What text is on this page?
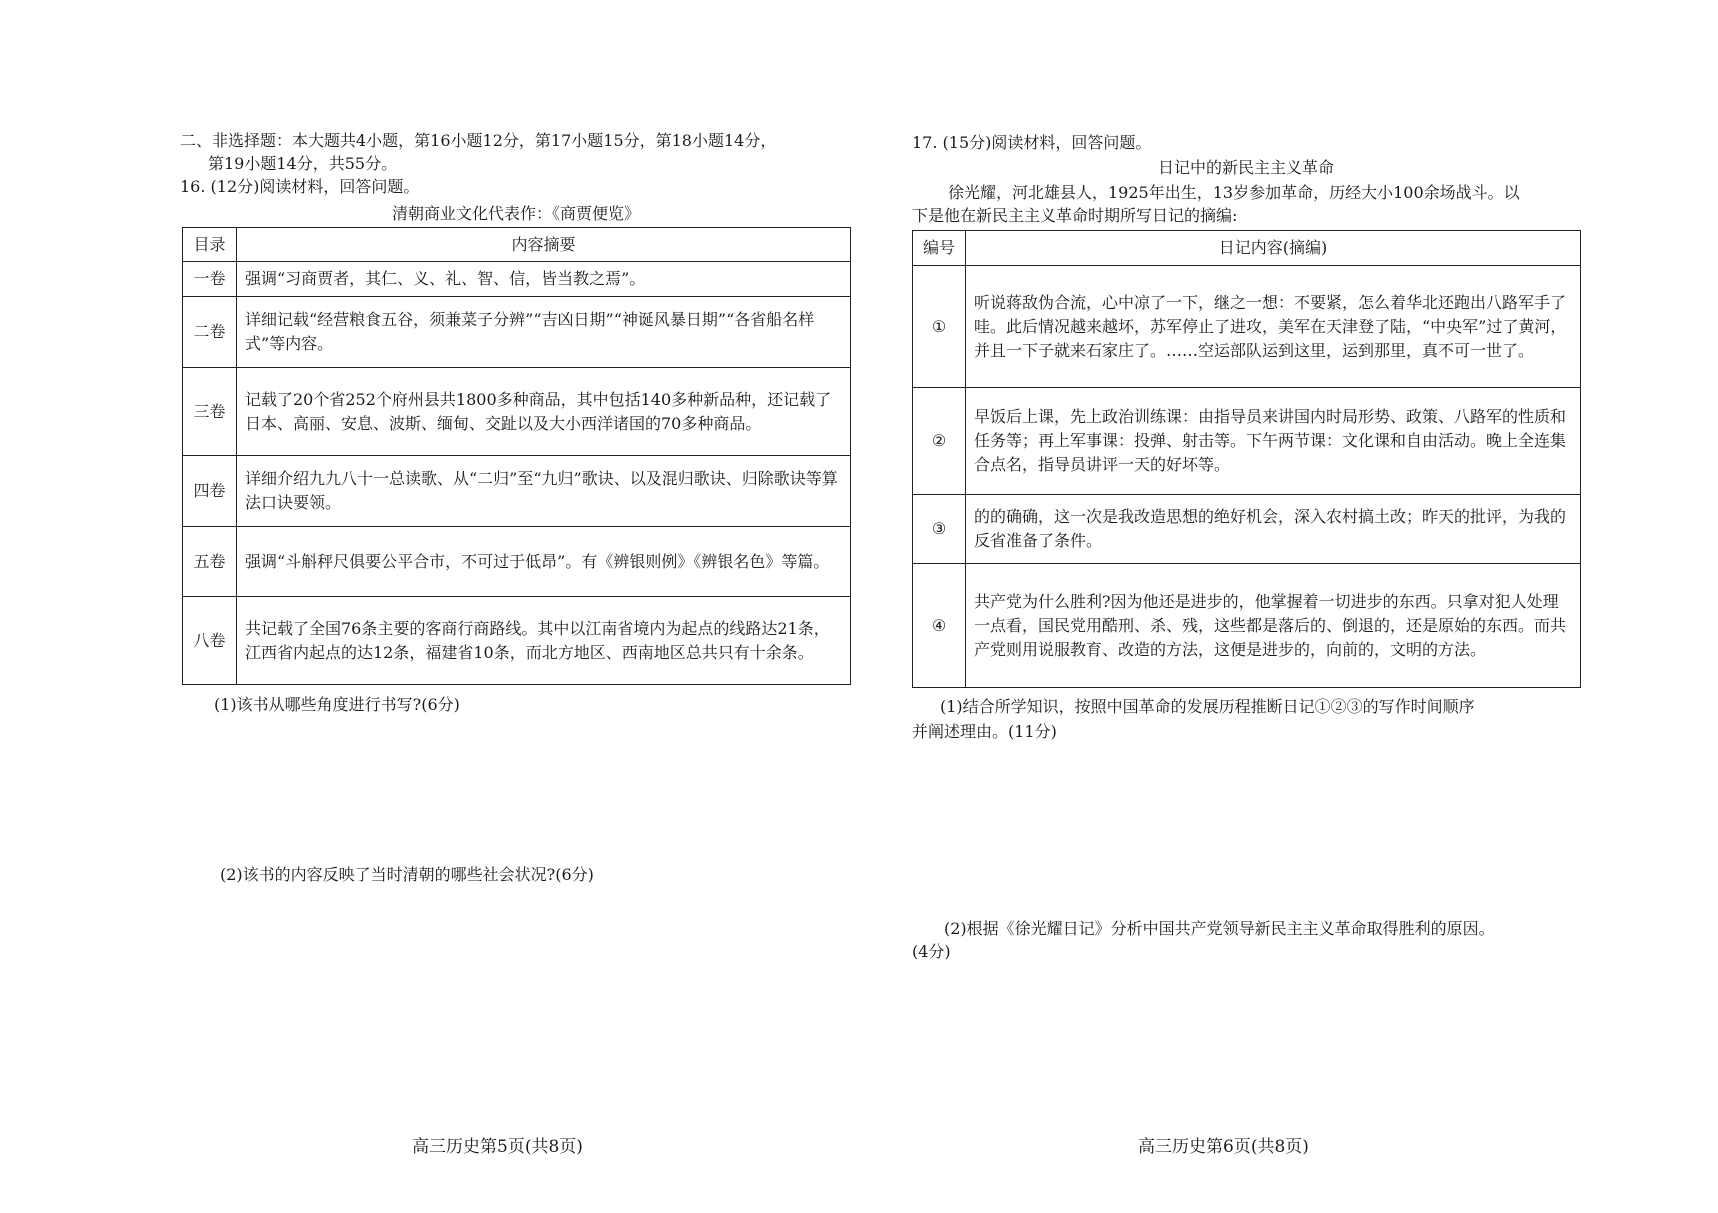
二、非选择题：本大题共4小题，第16小题12分，第17小题15分，第18小题14分，
第19小题14分，共55分。
16. (12分)阅读材料，回答问题。
清朝商业文化代表作：《商贾便览》
目录	内容摘要
一卷	强调“习商贾者，其仁、义、礼、智、信，皆当教之焉”。
二卷	详细记载“经营粮食五谷，须兼菜子分辨”“吉凶日期”“神诞风暴日期”“各省船名样式”等内容。
三卷	记载了20个省252个府州县共1800多种商品，其中包括140多种新品种，还记载了日本、高丽、安息、波斯、缅甸、交趾以及大小西洋诸国的70多种商品。
四卷	详细介绍九九八十一总读歌、从“二归”至“九归”歌诀、以及混归歌诀、归除歌诀等算法口诀要领。
五卷	强调“斗斛秤尺俱要公平合市，不可过于低昂”。有《辨银则例》《辨银名色》等篇。
八卷	共记载了全国76条主要的客商行商路线。其中以江南省境内为起点的线路达21条，江西省内起点的达12条，福建省10条，而北方地区、西南地区总共只有十余条。
(1)该书从哪些角度进行书写?(6分)
(2)该书的内容反映了当时清朝的哪些社会状况?(6分)
高三历史第5页(共8页)
17. (15分)阅读材料，回答问题。
日记中的新民主主义革命
徐光耀，河北雄县人，1925年出生，13岁参加革命，历经大小100余场战斗。以
下是他在新民主主义革命时期所写日记的摘编:
编号	日记内容(摘编)
①	听说蒋敌伪合流，心中凉了一下，继之一想：不要紧，怎么着华北还跑出八路军手了哇。此后情况越来越坏，苏军停止了进攻，美军在天津登了陆，“中央军”过了黄河，并且一下子就来石家庄了。……空运部队运到这里，运到那里，真不可一世了。
②	早饭后上课，先上政治训练课：由指导员来讲国内时局形势、政策、八路军的性质和任务等；再上军事课：投弹、射击等。下午两节课：文化课和自由活动。晚上全连集合点名，指导员讲评一天的好坏等。
③	的的确确，这一次是我改造思想的绝好机会，深入农村搞土改；昨天的批评，为我的反省准备了条件。
④	共产党为什么胜利?因为他还是进步的，他掌握着一切进步的东西。只拿对犯人处理一点看，国民党用酷刑、杀、残，这些都是落后的、倒退的，还是原始的东西。而共产党则用说服教育、改造的方法，这便是进步的，向前的，文明的方法。
(1)结合所学知识，按照中国革命的发展历程推断日记①②③的写作时间顺序
并阐述理由。(11分)
(2)根据《徐光耀日记》分析中国共产党领导新民主主义革命取得胜利的原因。
(4分)
高三历史第6页(共8页)
